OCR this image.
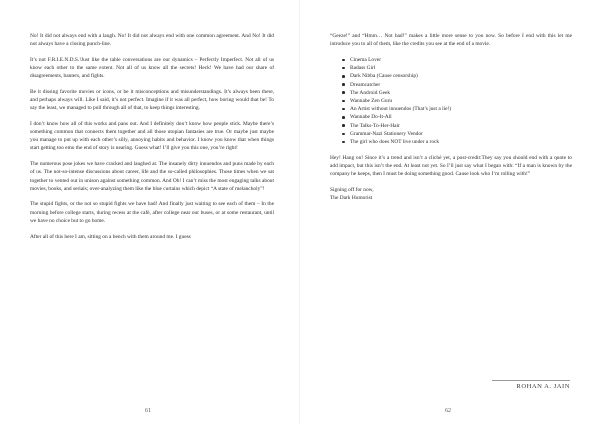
No! It did not always end with a laugh. No! It did not always end with one common agreement. And No! It did not always have a closing punch-line.

It’s not F.R.I.E.N.D.S.!Just like the table conversations are our dynamics – Perfectly Imperfect. Not all of us know each other to the same extent. Not all of us know all the secrets! Heck! We have had our share of disagreements, banters, and fights.

Be it dissing favorite movies or icons, or be it misconceptions and misunderstandings. It’s always been there, and perhaps always will. Like I said, it’s not perfect. Imagine if it was all perfect, how boring would that be! To say the least, we managed to pull through all of that, to keep things interesting.

I don’t know how all of this works and pans out. And I definitely don’t know how people stick. Maybe there’s something common that connects them together and all those utopian fantasies are true. Or maybe just maybe you manage to put up with each other’s silly, annoying habits and behavior. I know you know that when things start getting too emo the end of story is nearing. Guess what! I’ll give you this one, you’re right!

The numerous pose jokes we have cracked and laughed at. The insanely dirty innuendos and puns made by each of us. The not-so-intense discussions about career, life and the so-called philosophies. Those times when we sat together to vented out in unison against something common. And Oh! I can’t miss the most engaging talks about movies, books, and serials; over-analyzing them like the blue curtains which depict “A state of melancholy”!

The stupid fights, or the not so stupid fights we have had! And finally just waiting to see each of them – In the morning before college starts, during recess at the café, after college near our buses, or at some restaurant, until we have no choice but to go home.

After all of this here I am, sitting on a bench with them around me. I guess

61

“Geeze!” and “Hmm… Not bad!” makes a little more sense to you now. So before I end with this let me introduce you to all of them, like the credits you see at the end of a movie.

Cinema Lover
Badass Girl
Dark Nibba (Cause censorship)
Dreamcatcher
The Android Geek
Wannabe Zen Guru
An Artist without innuendos (That’s just a lie!)
Wannabe Do-It-All
The Talks-To-Her-Hair
Grammar-Nazi Stationery Vendor
The girl who does NOT live under a rock

Hey! Hang on! Since it’s a trend and isn’t a cliché yet, a post-credit:They say you should end with a quote to add impact, but this isn’t the end. At least not yet. So I’ll just say what I began with: “If a man is known by the company he keeps, then I must be doing something good. Cause look who I’m rolling with!”

Signing off for now,

The Dark Humorist

ROHAN A. JAIN
62
